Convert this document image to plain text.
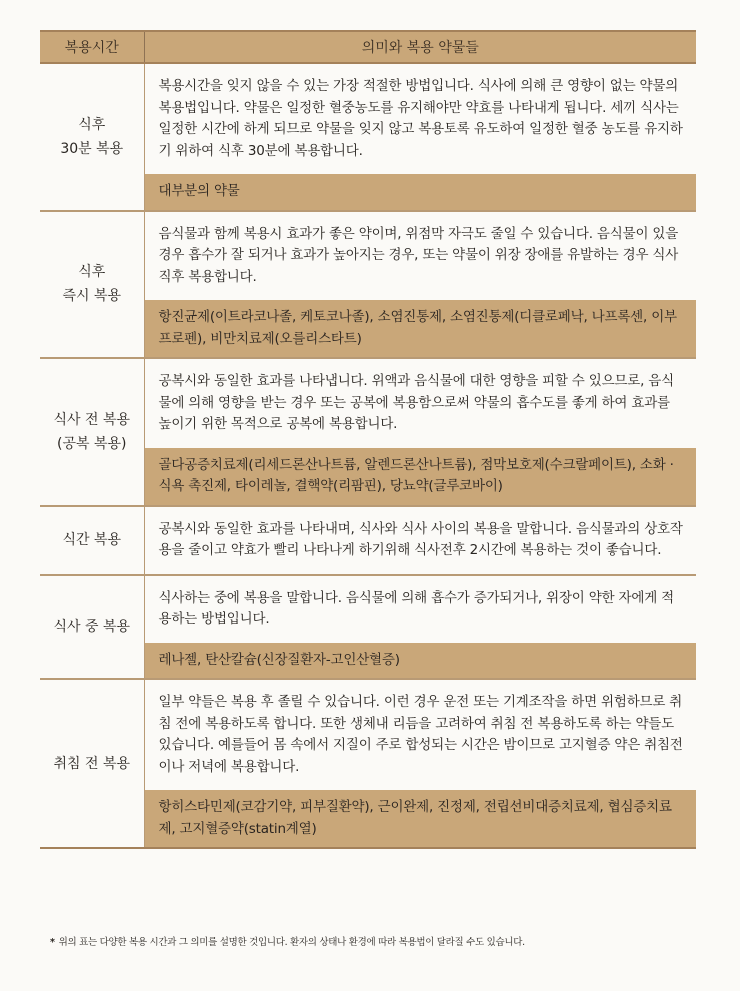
복용시간	의미와 복용 약물들

식후
30분 복용	복용시간을 잊지 않을 수 있는 가장 적절한 방법입니다. 식사에 의해 큰 영향이 없는 약물의 복용법입니다. 약물은 일정한 혈중농도를 유지해야만 약효를 나타내게 됩니다. 세끼 식사는 일정한 시간에 하게 되므로 약물을 잊지 않고 복용토록 유도하여 일정한 혈중 농도를 유지하기 위하여 식후 30분에 복용합니다.

	대부분의 약물

식후
즉시 복용	음식물과 함께 복용시 효과가 좋은 약이며, 위점막 자극도 줄일 수 있습니다. 음식물이 있을 경우 흡수가 잘 되거나 효과가 높아지는 경우, 또는 약물이 위장 장애를 유발하는 경우 식사 직후 복용합니다.

	항진균제(이트라코나졸, 케토코나졸), 소염진통제, 소염진통제(디클로페낙, 나프록센, 이부프로펜), 비만치료제(오를리스타트)

식사 전 복용
(공복 복용)	공복시와 동일한 효과를 나타냅니다. 위액과 음식물에 대한 영향을 피할 수 있으므로, 음식물에 의해 영향을 받는 경우 또는 공복에 복용함으로써 약물의 흡수도를 좋게 하여 효과를 높이기 위한 목적으로 공복에 복용합니다.

	골다공증치료제(리세드론산나트륨, 알렌드론산나트륨), 점막보호제(수크랄페이트), 소화 · 식욕 촉진제, 타이레놀, 결핵약(리팜핀), 당뇨약(글루코바이)

식간 복용	공복시와 동일한 효과를 나타내며, 식사와 식사 사이의 복용을 말합니다. 음식물과의 상호작용을 줄이고 약효가 빨리 나타나게 하기위해 식사전후 2시간에 복용하는 것이 좋습니다.

식사 중 복용	식사하는 중에 복용을 말합니다. 음식물에 의해 흡수가 증가되거나, 위장이 약한 자에게 적용하는 방법입니다.

	레나젤, 탄산칼슘(신장질환자-고인산혈증)

취침 전 복용	일부 약들은 복용 후 졸릴 수 있습니다. 이런 경우 운전 또는 기계조작을 하면 위험하므로 취침 전에 복용하도록 합니다. 또한 생체내 리듬을 고려하여 취침 전 복용하도록 하는 약들도 있습니다. 예를들어 몸 속에서 지질이 주로 합성되는 시간은 밤이므로 고지혈증 약은 취침전이나 저녁에 복용합니다.

	항히스타민제(코감기약, 피부질환약), 근이완제, 진정제, 전립선비대증치료제, 협심증치료제, 고지혈증약(statin계열)
* 위의 표는 다양한 복용 시간과 그 의미를 설명한 것입니다. 환자의 상태나 환경에 따라 복용법이 달라질 수도 있습니다.
